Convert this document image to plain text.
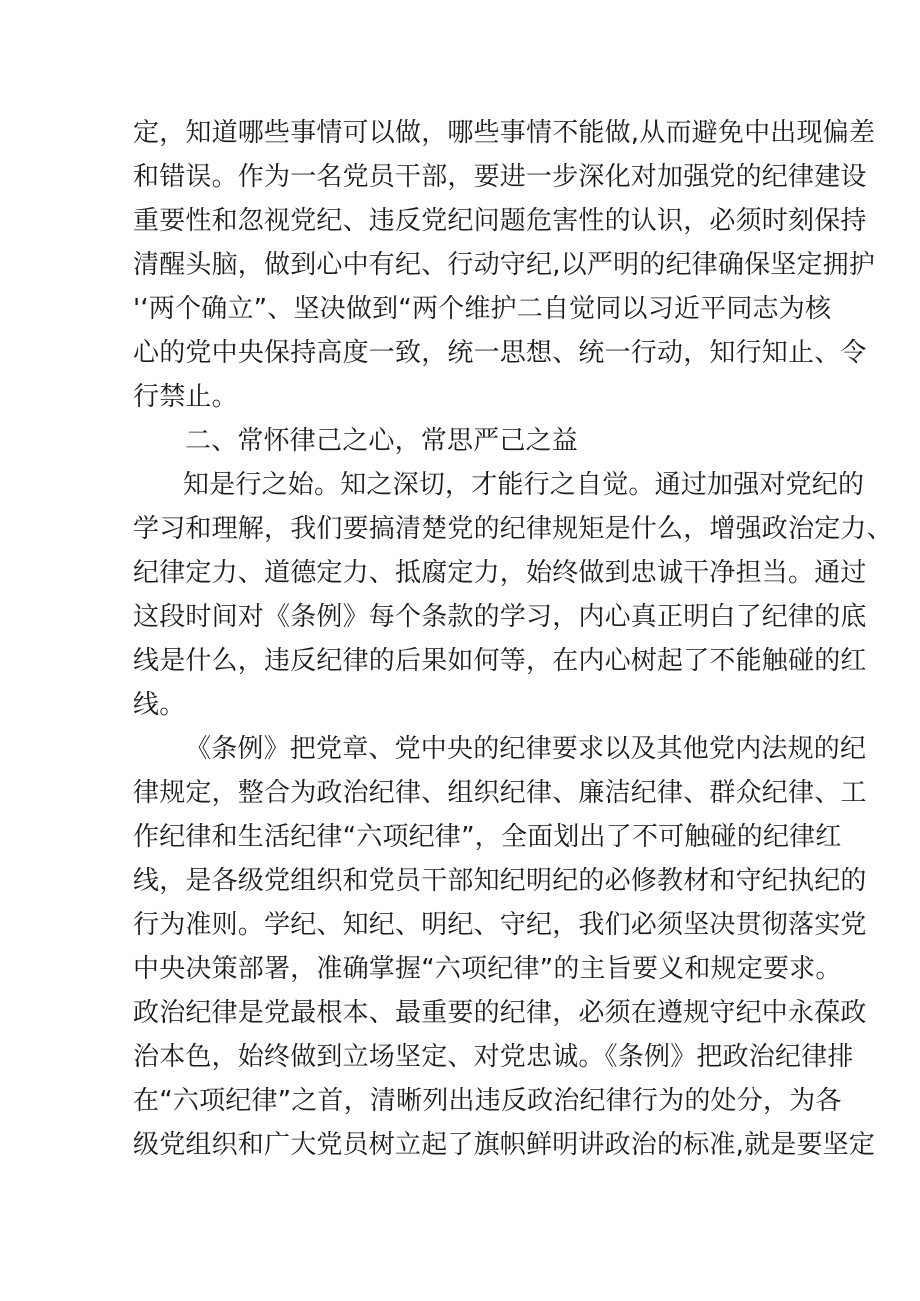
定，知道哪些事情可以做，哪些事情不能做,从而避免中出现偏差
和错误。作为一名党员干部，要进一步深化对加强党的纪律建设
重要性和忽视党纪、违反党纪问题危害性的认识，必须时刻保持
清醒头脑，做到心中有纪、行动守纪,以严明的纪律确保坚定拥护
'‘两个确立”、坚决做到“两个维护二自觉同以习近平同志为核
心的党中央保持高度一致，统一思想、统一行动，知行知止、令
行禁止。
二、常怀律己之心，常思严己之益
知是行之始。知之深切，才能行之自觉。通过加强对党纪的
学习和理解，我们要搞清楚党的纪律规矩是什么，增强政治定力、
纪律定力、道德定力、抵腐定力，始终做到忠诚干净担当。通过
这段时间对《条例》每个条款的学习，内心真正明白了纪律的底
线是什么，违反纪律的后果如何等，在内心树起了不能触碰的红
线。
《条例》把党章、党中央的纪律要求以及其他党内法规的纪
律规定，整合为政治纪律、组织纪律、廉洁纪律、群众纪律、工
作纪律和生活纪律“六项纪律”，全面划出了不可触碰的纪律红
线，是各级党组织和党员干部知纪明纪的必修教材和守纪执纪的
行为准则。学纪、知纪、明纪、守纪，我们必须坚决贯彻落实党
中央决策部署，准确掌握“六项纪律”的主旨要义和规定要求。
政治纪律是党最根本、最重要的纪律，必须在遵规守纪中永葆政
治本色，始终做到立场坚定、对党忠诚。《条例》把政治纪律排
在“六项纪律”之首，清晰列出违反政治纪律行为的处分，为各
级党组织和广大党员树立起了旗帜鲜明讲政治的标准,就是要坚定
